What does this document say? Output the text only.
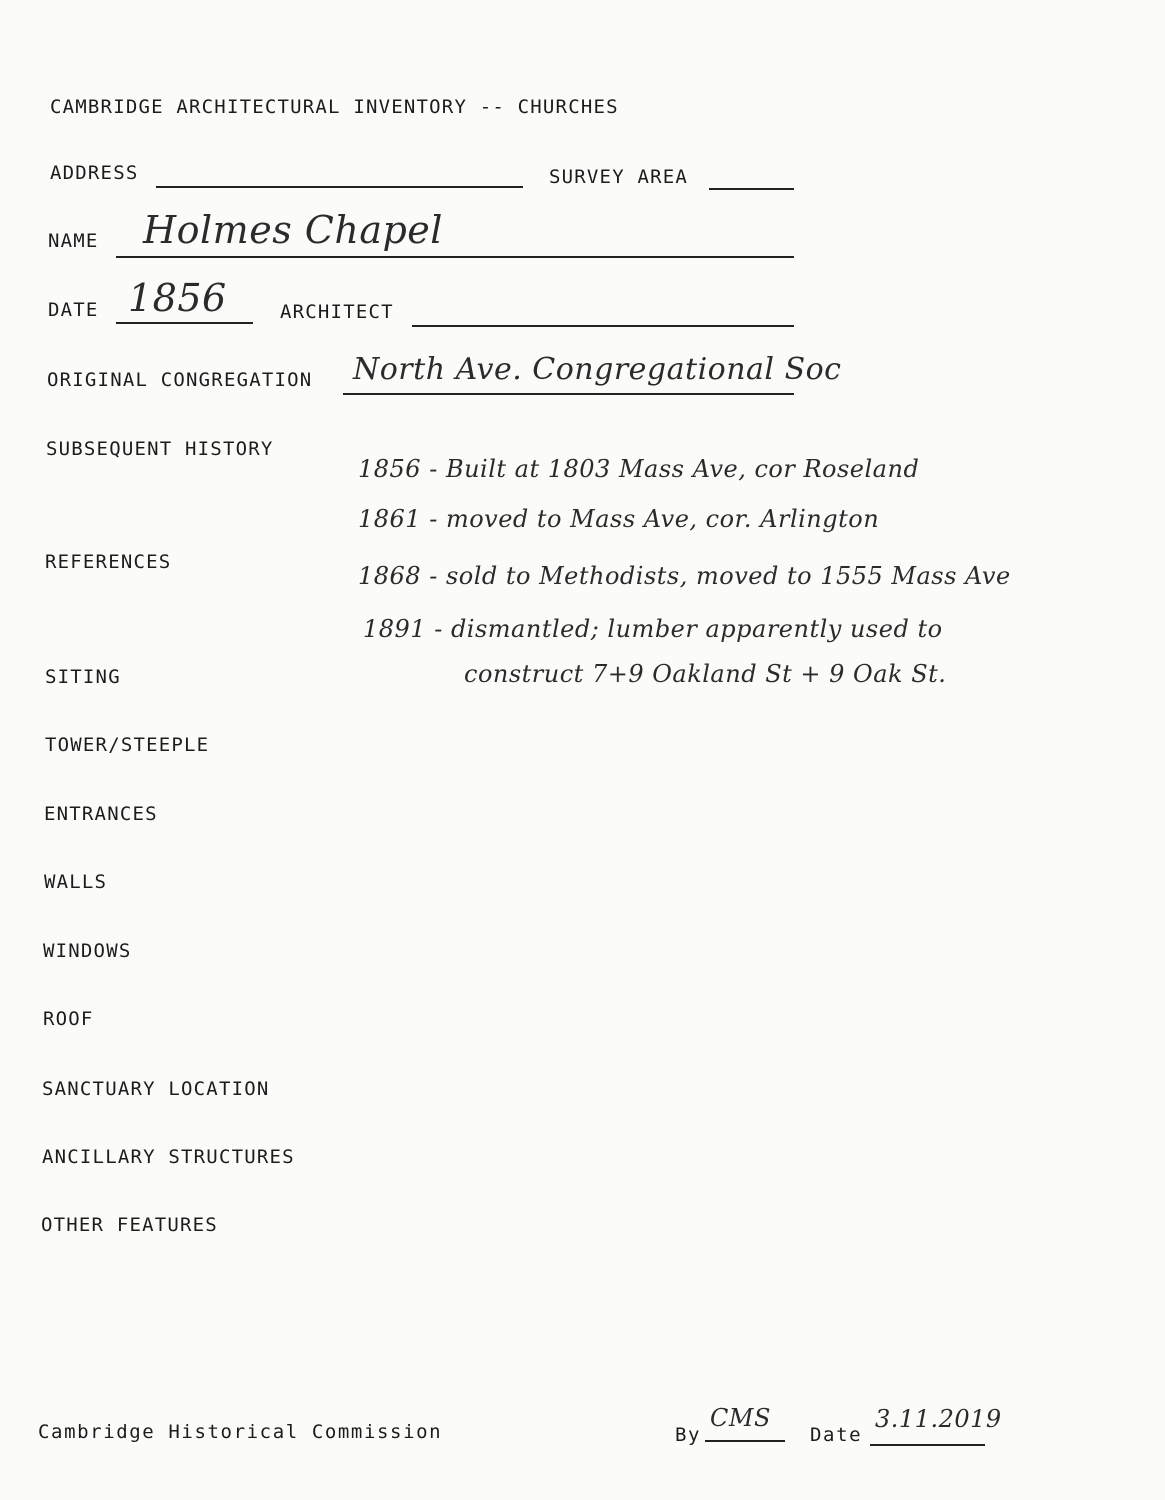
CAMBRIDGE ARCHITECTURAL INVENTORY -- CHURCHES
ADDRESS	SURVEY AREA
NAME Holmes Chapel
DATE 1856	ARCHITECT
ORIGINAL CONGREGATION North Ave. Congregational Soc
SUBSEQUENT HISTORY
1856 - Built at 1803 Mass Ave, cor Roseland
1861 - moved to Mass Ave, cor. Arlington
1868 - sold to Methodists, moved to 1555 Mass Ave
1891 - dismantled; lumber apparently used to
construct 7+9 Oakland St + 9 Oak St.
REFERENCES
SITING
TOWER/STEEPLE
ENTRANCES
WALLS
WINDOWS
ROOF
SANCTUARY LOCATION
ANCILLARY STRUCTURES
OTHER FEATURES
Cambridge Historical Commission	By
CMS
Date
3.11.2019
